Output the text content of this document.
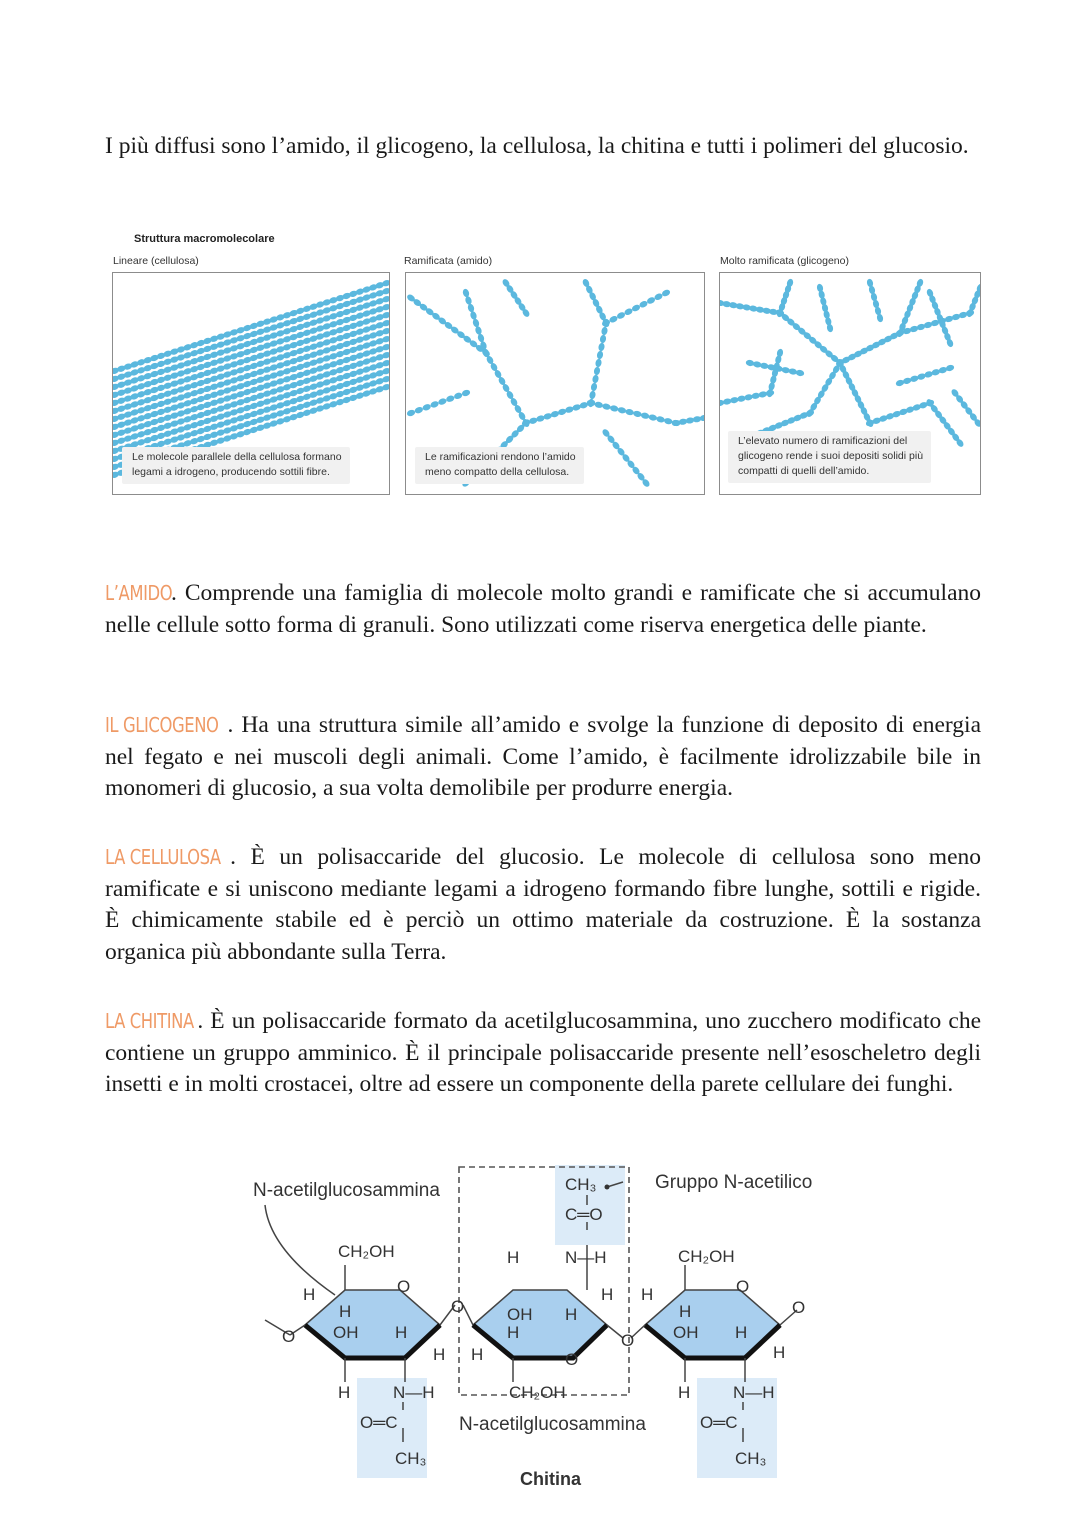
I più diffusi sono l’amido, il glicogeno, la cellulosa, la chitina e tutti i polimeri del glucosio.

Struttura macromolecolare
Lineare (cellulosa)	Ramificata (amido)	Molto ramificata (glicogeno)
Le molecole parallele della cellulosa formano
legami a idrogeno, producendo sottili fibre.
Le ramificazioni rendono l’amido
meno compatto della cellulosa.
L’elevato numero di ramificazioni del
glicogeno rende i suoi depositi solidi più
compatti di quelli dell’amido.

L’AMIDO. Comprende una famiglia di molecole molto grandi e ramificate che si accumulano nelle cellule sotto forma di granuli. Sono utilizzati come riserva energetica delle piante.

IL GLICOGENO . Ha una struttura simile all’amido e svolge la funzione di deposito di energia nel fegato e nei muscoli degli animali. Come l’amido, è facilmente idrolizzabile bile in monomeri di glucosio, a sua volta demolibile per produrre energia.

LA CELLULOSA . È un polisaccaride del glucosio. Le molecole di cellulosa sono meno ramificate e si uniscono mediante legami a idrogeno formando fibre lunghe, sottili e rigide. È chimicamente stabile ed è perciò un ottimo materiale da costruzione. È la sostanza organica più abbondante sulla Terra.

LA CHITINA . È un polisaccaride formato da acetilglucosammina, uno zucchero modificato che contiene un gruppo amminico. È il principale polisaccaride presente nell’esoscheletro degli insetti e in molti crostacei, oltre ad essere un componente della parete cellulare dei funghi.

N-acetilglucosammina	Gruppo N-acetilico
N-acetilglucosammina
Chitina
CH₂OH
O
H
H
OH H
O
H
H	N—H
O═C
CH₃
O
H
CH₃
C═O
N—H
OH
H
H
H
H	O
CH₂OH
O
H
CH₂OH
O
H
OH H
O
H
H	N—H
O═C
CH₃
